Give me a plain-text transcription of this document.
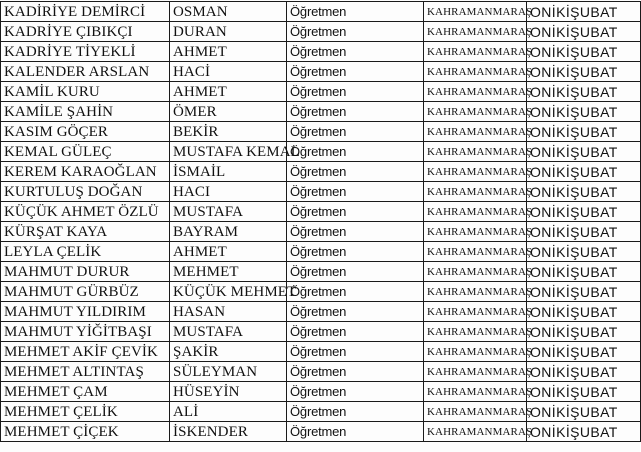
KADİRİYE DEMİRCİ	OSMAN	Öğretmen	KAHRAMANMARAŞ	ONİKİŞUBAT
KADRİYE ÇIBIKÇI	DURAN	Öğretmen	KAHRAMANMARAŞ	ONİKİŞUBAT
KADRİYE TİYEKLİ	AHMET	Öğretmen	KAHRAMANMARAŞ	ONİKİŞUBAT
KALENDER ARSLAN	HACİ	Öğretmen	KAHRAMANMARAŞ	ONİKİŞUBAT
KAMİL KURU	AHMET	Öğretmen	KAHRAMANMARAŞ	ONİKİŞUBAT
KAMİLE ŞAHİN	ÖMER	Öğretmen	KAHRAMANMARAŞ	ONİKİŞUBAT
KASIM GÖÇER	BEKİR	Öğretmen	KAHRAMANMARAŞ	ONİKİŞUBAT
KEMAL GÜLEÇ	MUSTAFA KEMAL	Öğretmen	KAHRAMANMARAŞ	ONİKİŞUBAT
KEREM KARAOĞLAN	İSMAİL	Öğretmen	KAHRAMANMARAŞ	ONİKİŞUBAT
KURTULUŞ DOĞAN	HACI	Öğretmen	KAHRAMANMARAŞ	ONİKİŞUBAT
KÜÇÜK AHMET ÖZLÜ	MUSTAFA	Öğretmen	KAHRAMANMARAŞ	ONİKİŞUBAT
KÜRŞAT KAYA	BAYRAM	Öğretmen	KAHRAMANMARAŞ	ONİKİŞUBAT
LEYLA ÇELİK	AHMET	Öğretmen	KAHRAMANMARAŞ	ONİKİŞUBAT
MAHMUT DURUR	MEHMET	Öğretmen	KAHRAMANMARAŞ	ONİKİŞUBAT
MAHMUT GÜRBÜZ	KÜÇÜK MEHMET	Öğretmen	KAHRAMANMARAŞ	ONİKİŞUBAT
MAHMUT YILDIRIM	HASAN	Öğretmen	KAHRAMANMARAŞ	ONİKİŞUBAT
MAHMUT YİĞİTBAŞI	MUSTAFA	Öğretmen	KAHRAMANMARAŞ	ONİKİŞUBAT
MEHMET AKİF ÇEVİK	ŞAKİR	Öğretmen	KAHRAMANMARAŞ	ONİKİŞUBAT
MEHMET ALTINTAŞ	SÜLEYMAN	Öğretmen	KAHRAMANMARAŞ	ONİKİŞUBAT
MEHMET ÇAM	HÜSEYİN	Öğretmen	KAHRAMANMARAŞ	ONİKİŞUBAT
MEHMET ÇELİK	ALİ	Öğretmen	KAHRAMANMARAŞ	ONİKİŞUBAT
MEHMET ÇİÇEK	İSKENDER	Öğretmen	KAHRAMANMARAŞ	ONİKİŞUBAT
